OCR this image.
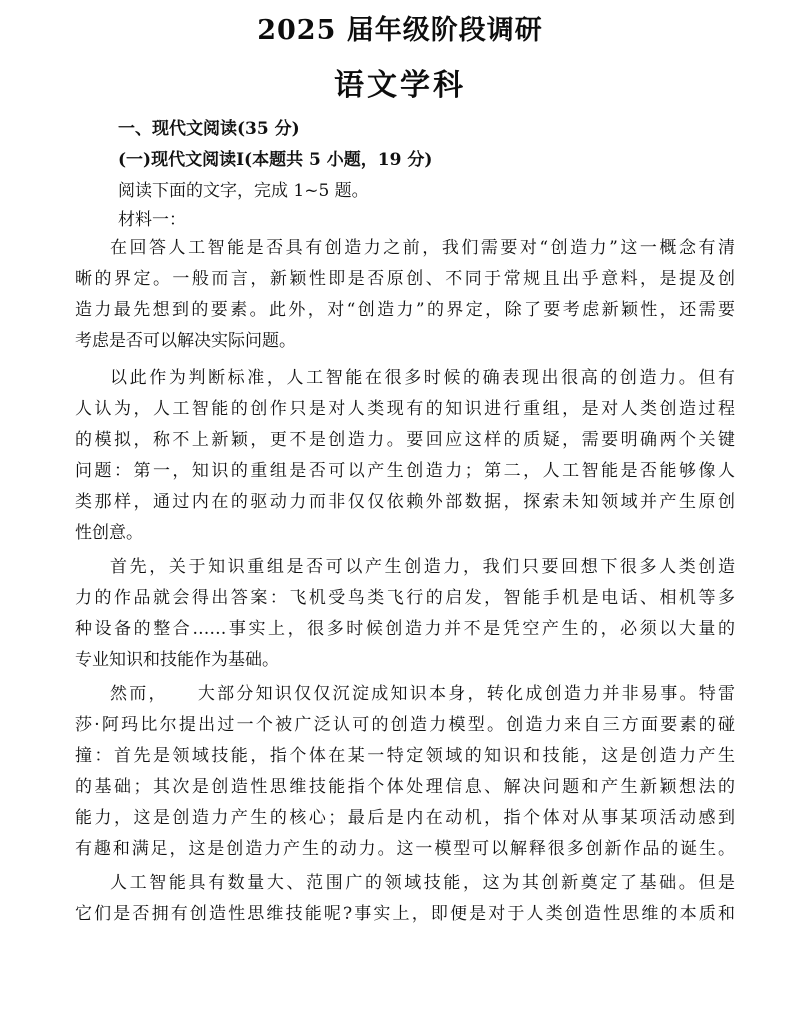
2025 届年级阶段调研
语文学科
一、现代文阅读(35 分)
(一)现代文阅读I(本题共 5 小题，19 分)
阅读下面的文字，完成 1~5 题。
材料一：
在回答人工智能是否具有创造力之前，我们需要对“创造力”这一概念有清
晰的界定。一般而言，新颖性即是否原创、不同于常规且出乎意料，是提及创
造力最先想到的要素。此外，对“创造力”的界定，除了要考虑新颖性，还需要
考虑是否可以解决实际问题。
以此作为判断标准，人工智能在很多时候的确表现出很高的创造力。但有
人认为，人工智能的创作只是对人类现有的知识进行重组，是对人类创造过程
的模拟，称不上新颖，更不是创造力。要回应这样的质疑，需要明确两个关键
问题：第一，知识的重组是否可以产生创造力；第二，人工智能是否能够像人
类那样，通过内在的驱动力而非仅仅依赖外部数据，探索未知领域并产生原创
性创意。
首先，关于知识重组是否可以产生创造力，我们只要回想下很多人类创造
力的作品就会得出答案：飞机受鸟类飞行的启发，智能手机是电话、相机等多
种设备的整合……事实上，很多时候创造力并不是凭空产生的，必须以大量的
专业知识和技能作为基础。
然而，　　大部分知识仅仅沉淀成知识本身，转化成创造力并非易事。特雷
莎·阿玛比尔提出过一个被广泛认可的创造力模型。创造力来自三方面要素的碰
撞：首先是领域技能，指个体在某一特定领域的知识和技能，这是创造力产生
的基础；其次是创造性思维技能指个体处理信息、解决问题和产生新颖想法的
能力，这是创造力产生的核心；最后是内在动机，指个体对从事某项活动感到
有趣和满足，这是创造力产生的动力。这一模型可以解释很多创新作品的诞生。
人工智能具有数量大、范围广的领域技能，这为其创新奠定了基础。但是
它们是否拥有创造性思维技能呢?事实上，即便是对于人类创造性思维的本质和
